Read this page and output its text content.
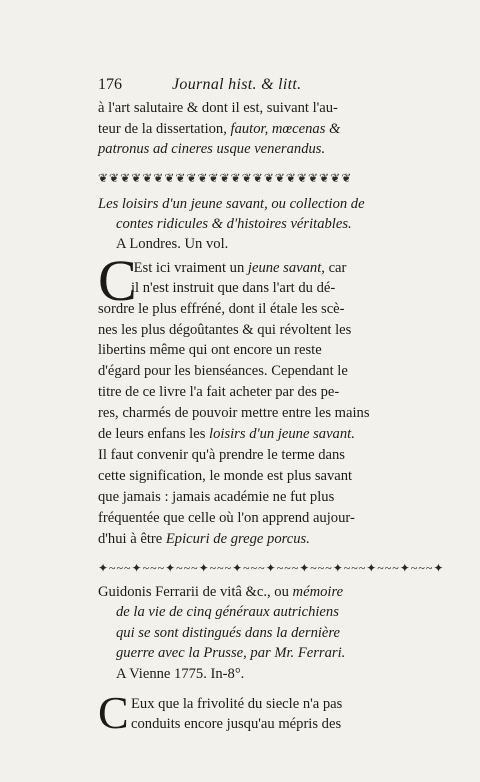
176	Journal hist. & litt.
à l'art salutaire & dont il est, suivant l'au-
teur de la dissertation, fautor, mœcenas &
patronus ad cineres usque venerandus.
❦❦❦❦❦❦❦❦❦❦❦❦❦❦❦❦❦❦❦❦❦❦❦
Les loisirs d'un jeune savant, ou collection de
contes ridicules & d'histoires véritables.
A Londres. Un vol.
C
'Est ici vraiment un jeune savant, car
il n'est instruit que dans l'art du dé-
sordre le plus effréné, dont il étale les scè-
nes les plus dégoûtantes & qui révoltent les
libertins même qui ont encore un reste
d'égard pour les bienséances. Cependant le
titre de ce livre l'a fait acheter par des pe-
res, charmés de pouvoir mettre entre les mains
de leurs enfans les loisirs d'un jeune savant.
Il faut convenir qu'à prendre le terme dans
cette signification, le monde est plus savant
que jamais : jamais académie ne fut plus
fréquentée que celle où l'on apprend aujour-
d'hui à être Epicuri de grege porcus.
✦~~~✦~~~✦~~~✦~~~✦~~~✦~~~✦~~~✦~~~✦~~~✦~~~✦
Guidonis Ferrarii de vitâ &c., ou mémoire
de la vie de cinq généraux autrichiens
qui se sont distingués dans la dernière
guerre avec la Prusse, par Mr. Ferrari.
A Vienne 1775. In-8°.
C Eux que la frivolité du siecle n'a pas
conduits encore jusqu'au mépris des
